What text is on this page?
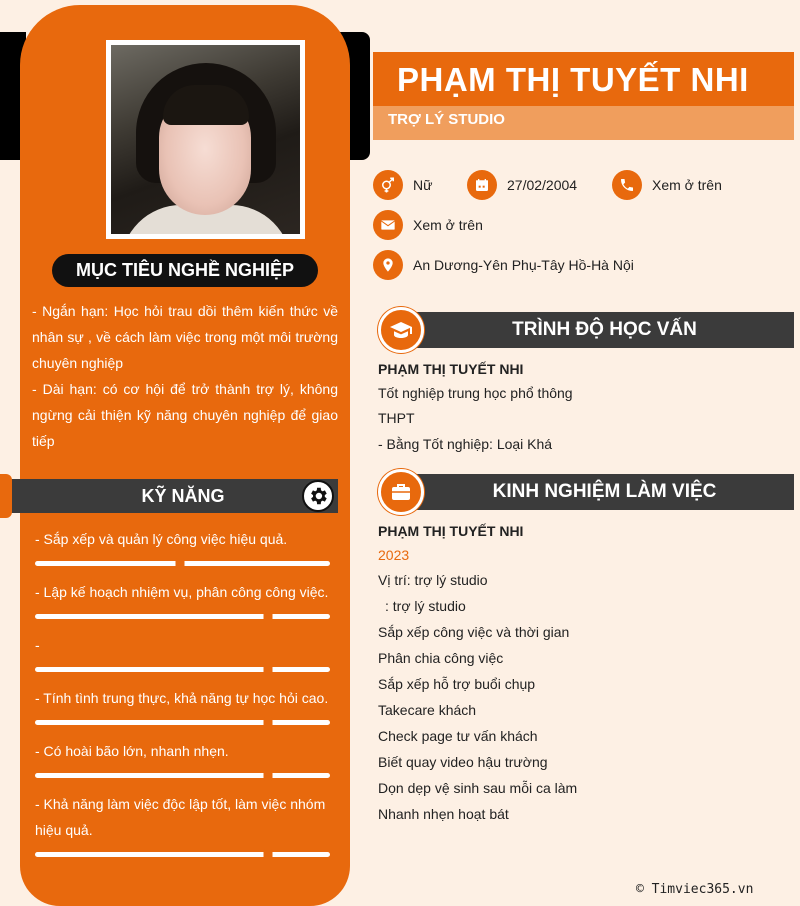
MỤC TIÊU NGHỀ NGHIỆP

- Ngắn hạn: Học hỏi trau dồi thêm kiến thức về nhân sự , về cách làm việc trong một môi trường chuyên nghiệp

- Dài hạn: có cơ hội để trở thành trợ lý, không ngừng cải thiện kỹ năng chuyên nghiệp để giao tiếp

KỸ NĂNG
- Sắp xếp và quản lý công việc hiệu quả.
- Lập kế hoạch nhiệm vụ, phân công công việc.
-
- Tính tình trung thực, khả năng tự học hỏi cao.
- Có hoài bão lớn, nhanh nhẹn.
- Khả năng làm việc độc lập tốt, làm việc nhóm hiệu quả.
PHẠM THỊ TUYẾT NHI
TRỢ LÝ STUDIO
Nữ	27/02/2004	Xem ở trên
Xem ở trên
An Dương-Yên Phụ-Tây Hồ-Hà Nội
TRÌNH ĐỘ HỌC VẤN
PHẠM THỊ TUYẾT NHI
Tốt nghiệp trung học phổ thông
THPT
- Bằng Tốt nghiệp: Loại Khá
KINH NGHIỆM LÀM VIỆC
PHẠM THỊ TUYẾT NHI
2023
Vị trí: trợ lý studio
: trợ lý studio
Sắp xếp công việc và thời gian
Phân chia công việc
Sắp xếp hỗ trợ buổi chụp
Takecare khách
Check page tư vấn khách
Biết quay video hậu trường
Dọn dẹp vệ sinh sau mỗi ca làm
Nhanh nhẹn hoạt bát
© Timviec365.vn
